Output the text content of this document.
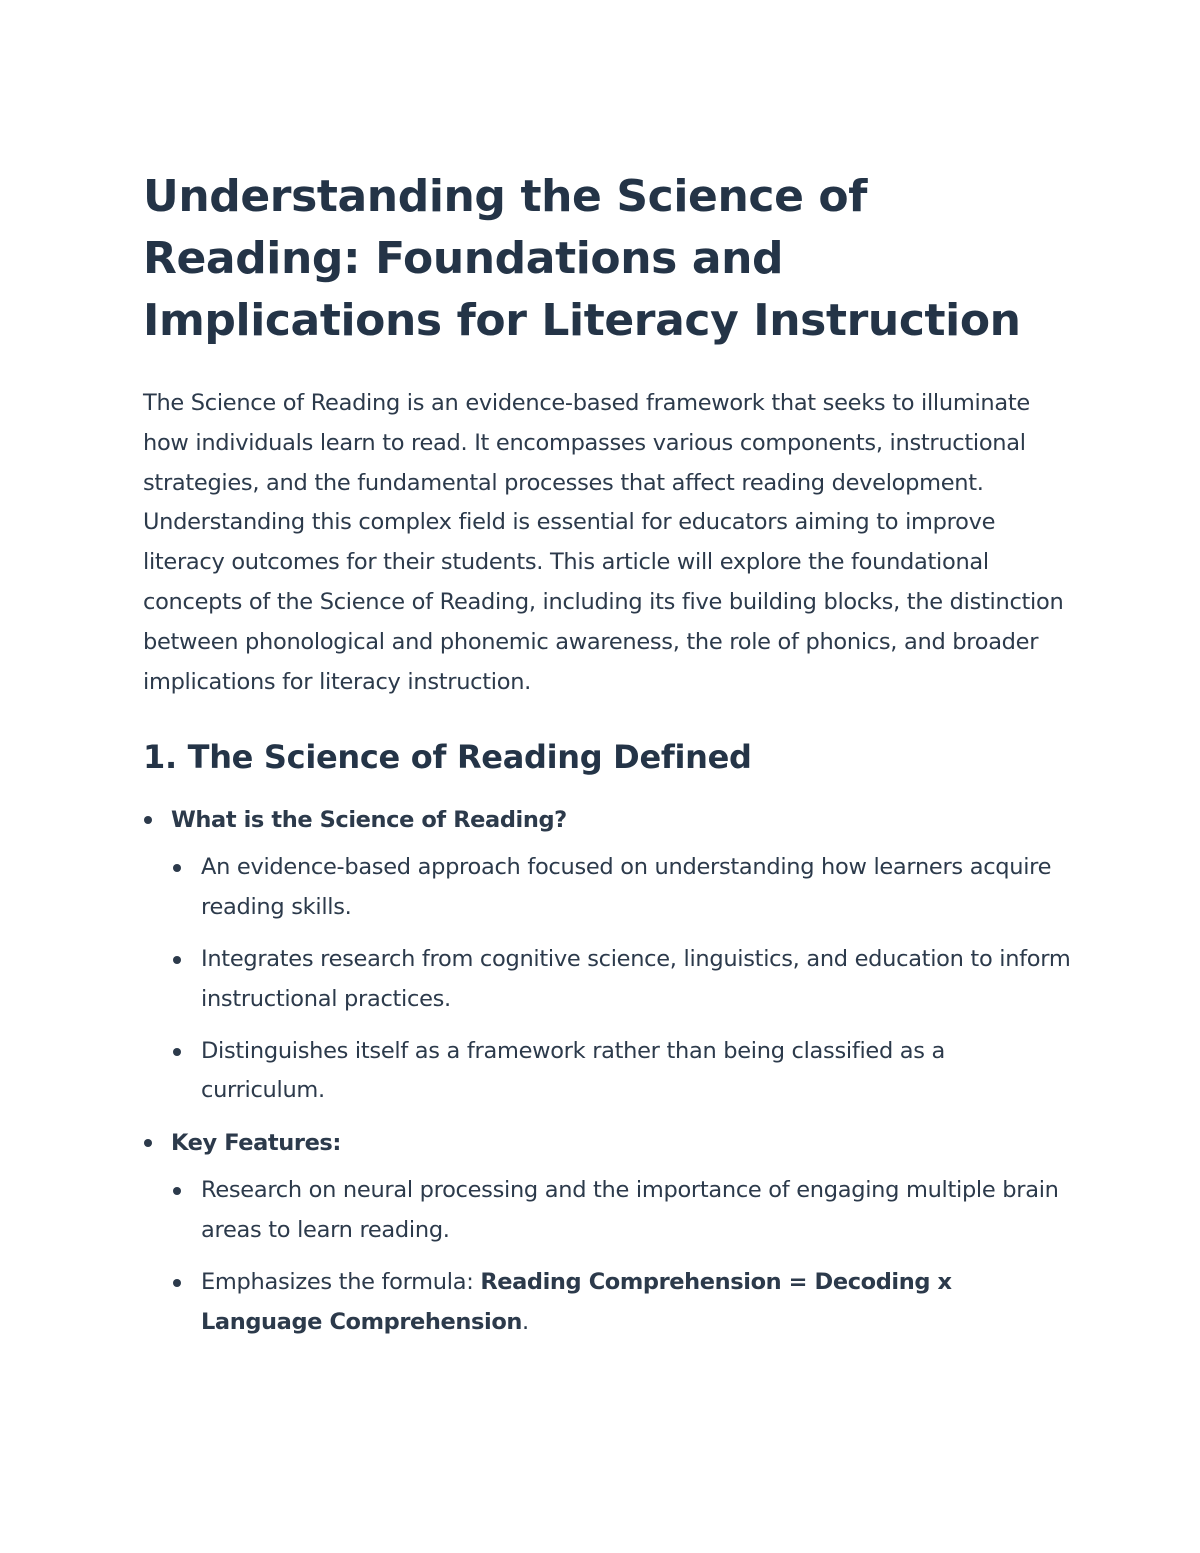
Understanding the Science of Reading: Foundations and Implications for Literacy Instruction

The Science of Reading is an evidence-based framework that seeks to illuminate how individuals learn to read. It encompasses various components, instructional strategies, and the fundamental processes that affect reading development. Understanding this complex field is essential for educators aiming to improve literacy outcomes for their students. This article will explore the foundational concepts of the Science of Reading, including its five building blocks, the distinction between phonological and phonemic awareness, the role of phonics, and broader implications for literacy instruction.

1. The Science of Reading Defined
What is the Science of Reading?
An evidence-based approach focused on understanding how learners acquire reading skills.
Integrates research from cognitive science, linguistics, and education to inform instructional practices.
Distinguishes itself as a framework rather than being classified as a curriculum.
Key Features:
Research on neural processing and the importance of engaging multiple brain areas to learn reading.
Emphasizes the formula: Reading Comprehension = Decoding x Language Comprehension.
